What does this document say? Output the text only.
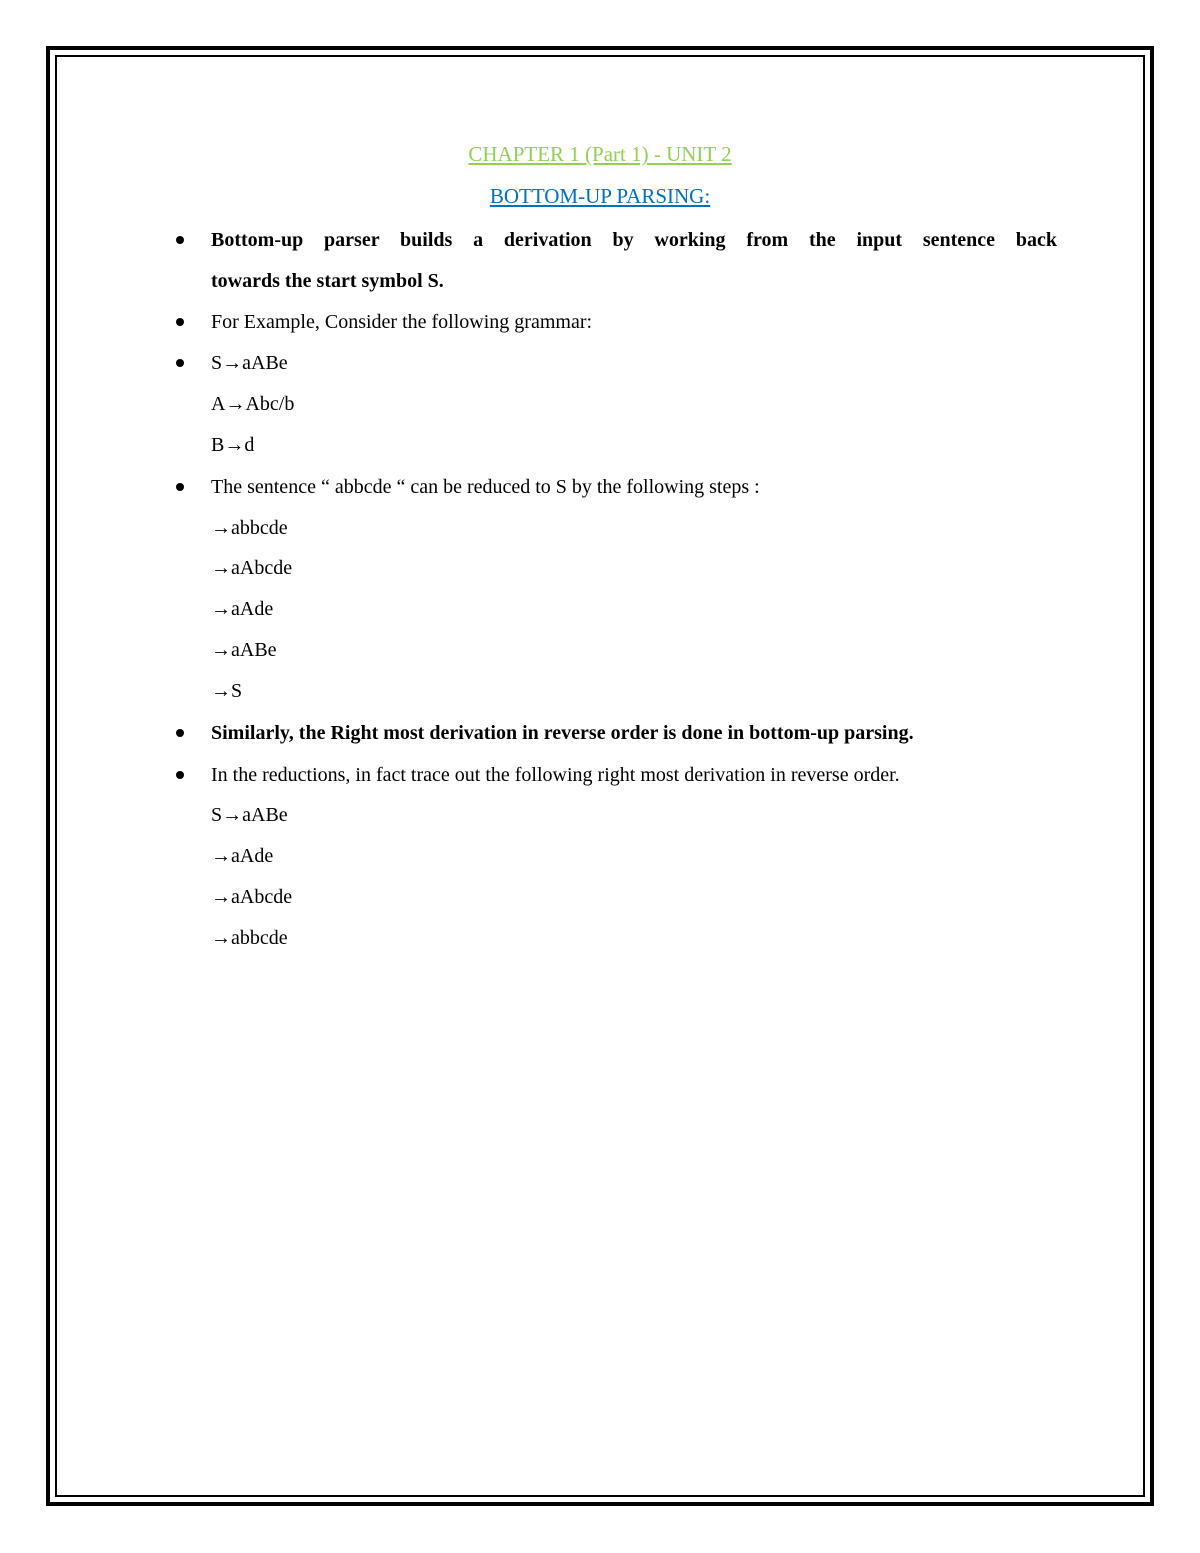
CHAPTER 1 (Part 1) - UNIT 2

BOTTOM-UP PARSING:

Bottom-up parser builds a derivation by working from the input sentence back

towards the start symbol S.

For Example, Consider the following grammar:

S→aABe

A→Abc/b

B→d

The sentence “ abbcde “ can be reduced to S by the following steps :

→abbcde

→aAbcde

→aAde

→aABe

→S

Similarly, the Right most derivation in reverse order is done in bottom-up parsing.

In the reductions, in fact trace out the following right most derivation in reverse order.

S→aABe

→aAde

→aAbcde

→abbcde
